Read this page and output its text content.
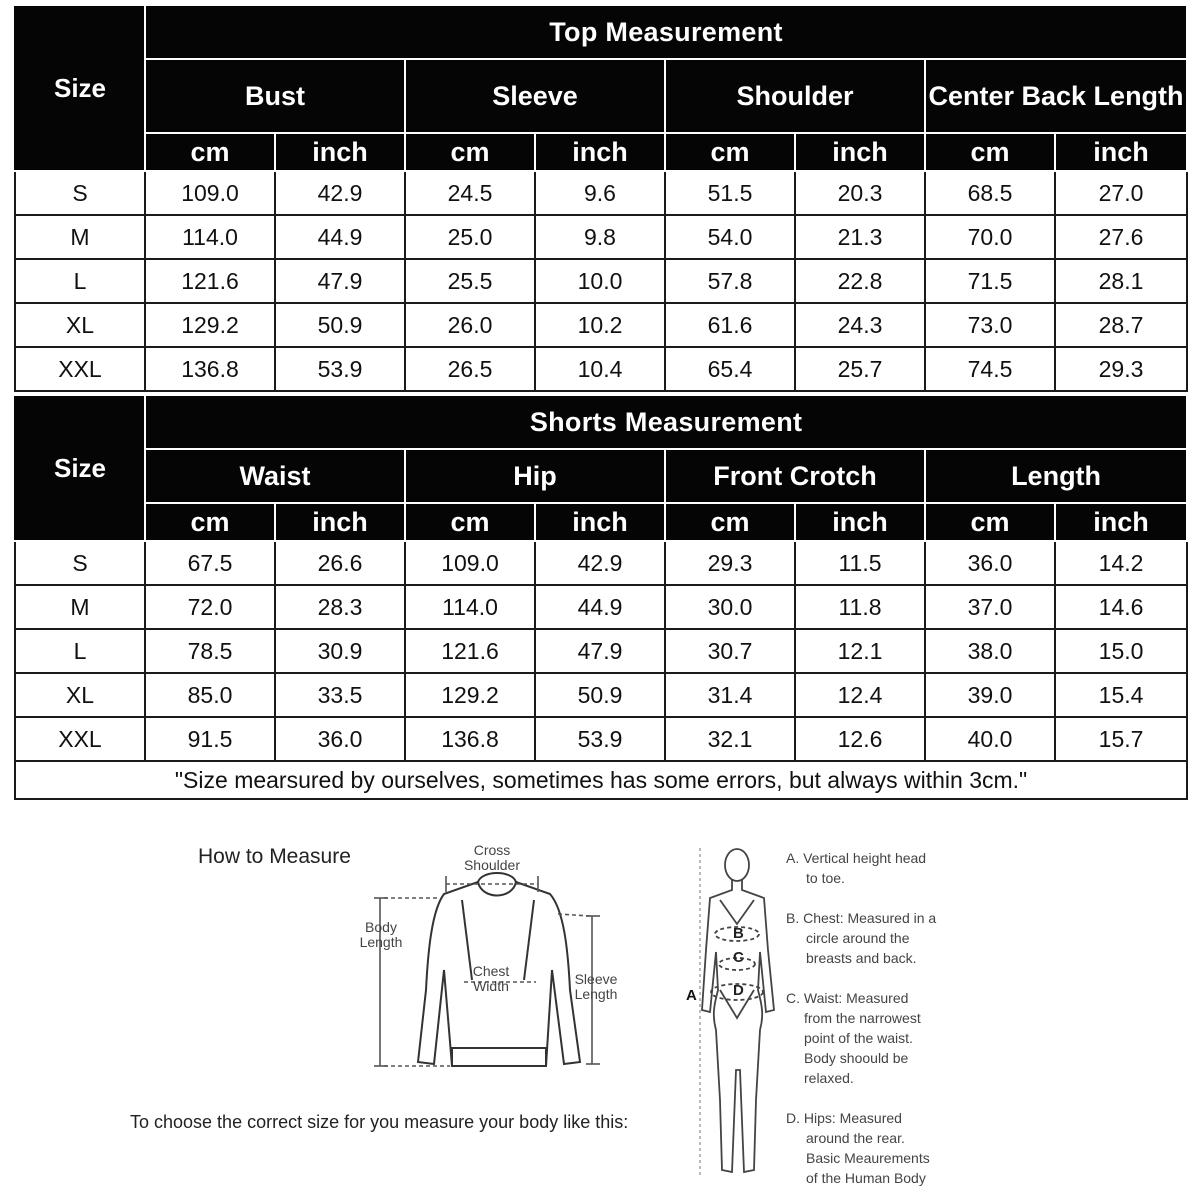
Size	Top Measurement							
	Bust		Sleeve		Shoulder		Center Back Length	
	cm	inch	cm	inch	cm	inch	cm	inch
S	109.0	42.9	24.5	9.6	51.5	20.3	68.5	27.0
M	114.0	44.9	25.0	9.8	54.0	21.3	70.0	27.6
L	121.6	47.9	25.5	10.0	57.8	22.8	71.5	28.1
XL	129.2	50.9	26.0	10.2	61.6	24.3	73.0	28.7
XXL	136.8	53.9	26.5	10.4	65.4	25.7	74.5	29.3
Size	Shorts Measurement							
	Waist		Hip		Front Crotch		Length	
	cm	inch	cm	inch	cm	inch	cm	inch
S	67.5	26.6	109.0	42.9	29.3	11.5	36.0	14.2
M	72.0	28.3	114.0	44.9	30.0	11.8	37.0	14.6
L	78.5	30.9	121.6	47.9	30.7	12.1	38.0	15.0
XL	85.0	33.5	129.2	50.9	31.4	12.4	39.0	15.4
XXL	91.5	36.0	136.8	53.9	32.1	12.6	40.0	15.7
"Size mearsured by ourselves, sometimes has some errors, but always within 3cm."								
How to Measure	Cross
Shoulder
Body
Length
Chest
Width	Sleeve
Length
To choose the correct size for you measure your body like this:
A
B
C
D

A. Vertical height head

to toe.

B. Chest: Measured in a

circle around the

breasts and back.

C. Waist: Measured

from the narrowest

point of the waist.

Body shoould be

relaxed.

D. Hips: Measured

around the rear.

Basic Meaurements

of the Human Body
